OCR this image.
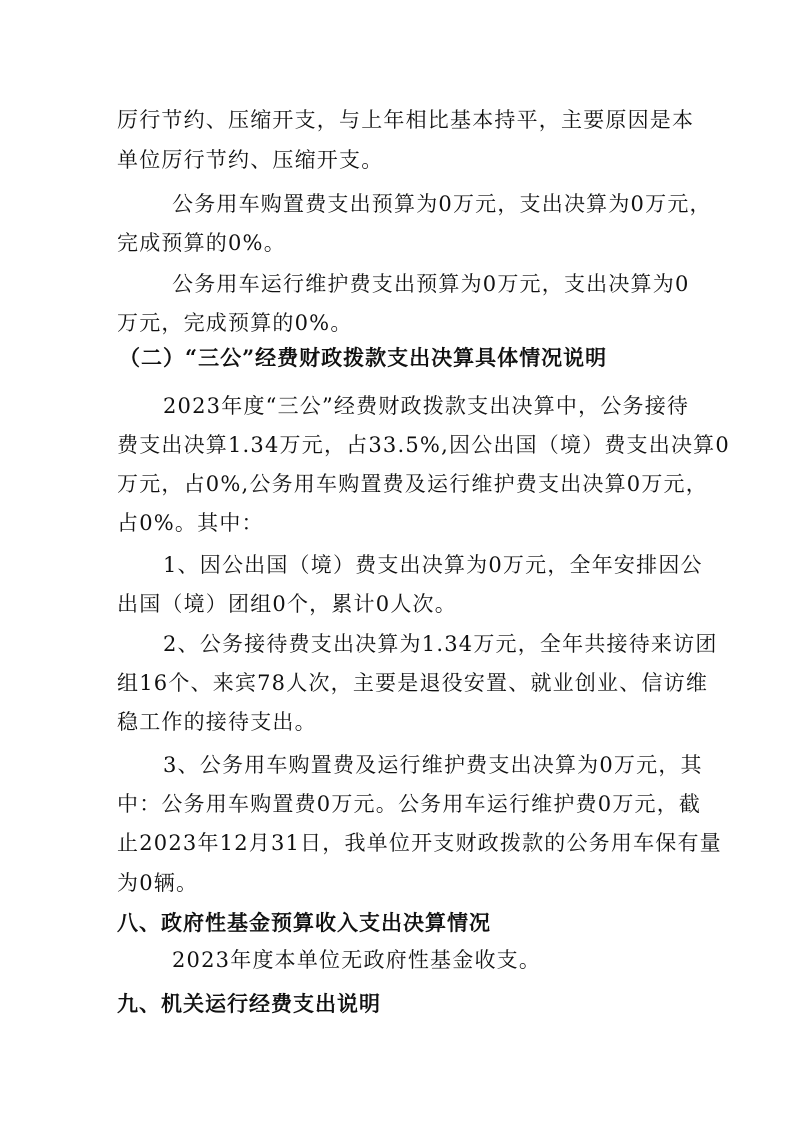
厉行节约、压缩开支，与上年相比基本持平，主要原因是本
单位厉行节约、压缩开支。
公务用车购置费支出预算为0万元，支出决算为0万元，
完成预算的0%。
公务用车运行维护费支出预算为0万元，支出决算为0
万元，完成预算的0%。
（二）“三公”经费财政拨款支出决算具体情况说明
2023年度“三公”经费财政拨款支出决算中，公务接待
费支出决算1.34万元，占33.5%,因公出国（境）费支出决算0
万元，占0%,公务用车购置费及运行维护费支出决算0万元，
占0%。其中：
1、因公出国（境）费支出决算为0万元，全年安排因公
出国（境）团组0个，累计0人次。
2、公务接待费支出决算为1.34万元，全年共接待来访团
组16个、来宾78人次，主要是退役安置、就业创业、信访维
稳工作的接待支出。
3、公务用车购置费及运行维护费支出决算为0万元，其
中：公务用车购置费0万元。公务用车运行维护费0万元，截
止2023年12月31日，我单位开支财政拨款的公务用车保有量
为0辆。
八、政府性基金预算收入支出决算情况
2023年度本单位无政府性基金收支。
九、机关运行经费支出说明
